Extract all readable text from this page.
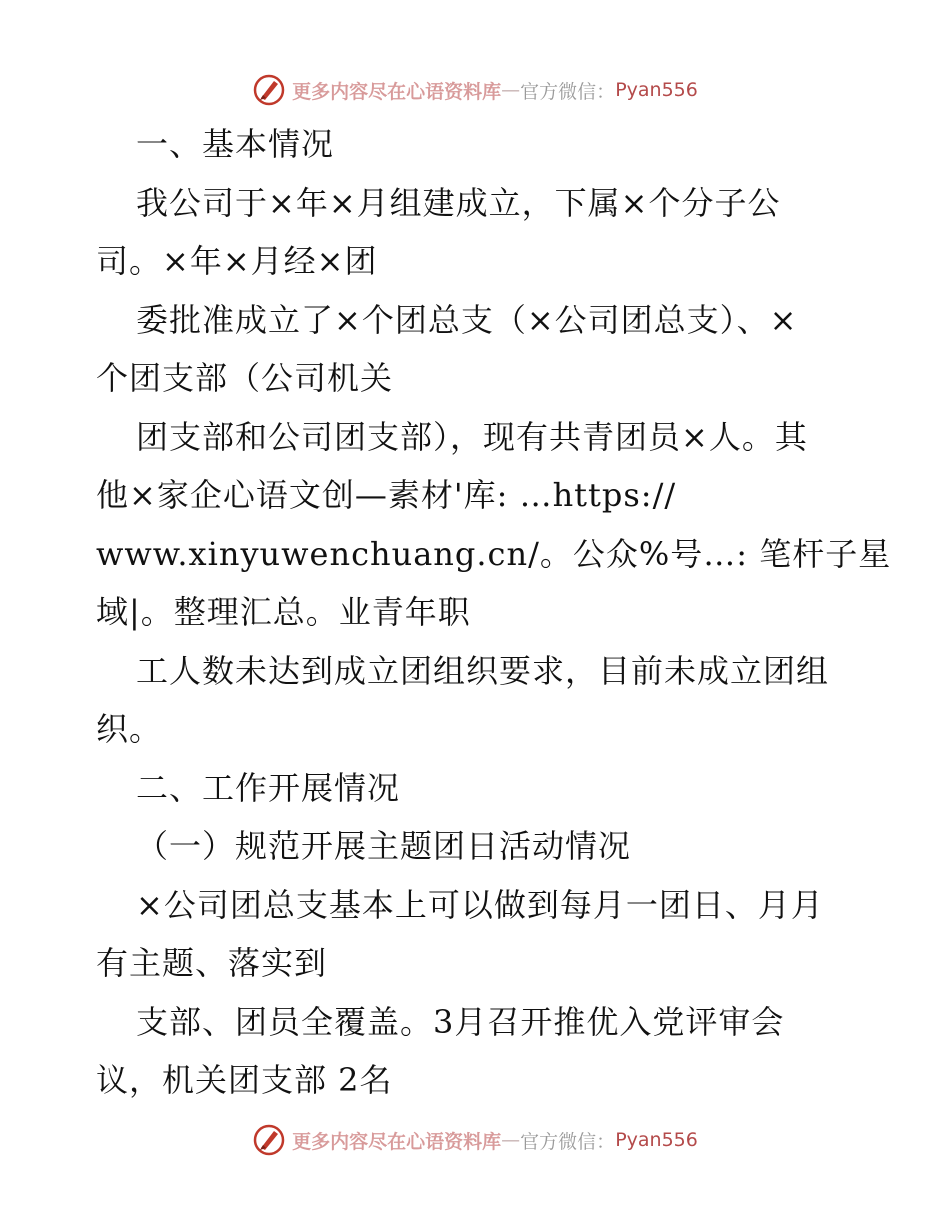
更多内容尽在心语资料库 — 官方微信： Pyan556
一、基本情况
我公司于×年×月组建成立，下属×个分子公
司。×年×月经×团
委批准成立了×个团总支（×公司团总支）、×
个团支部（公司机关
团支部和公司团支部），现有共青团员×人。其
他×家企心语文创—素材'库: …https://
www.xinyuwenchuang.cn/。公众%号…: 笔杆子星
域|。整理汇总。业青年职
工人数未达到成立团组织要求，目前未成立团组
织。
二、工作开展情况
（一）规范开展主题团日活动情况
×公司团总支基本上可以做到每月一团日、月月
有主题、落实到
支部、团员全覆盖。3月召开推优入党评审会
议，机关团支部 2名
更多内容尽在心语资料库 — 官方微信： Pyan556
